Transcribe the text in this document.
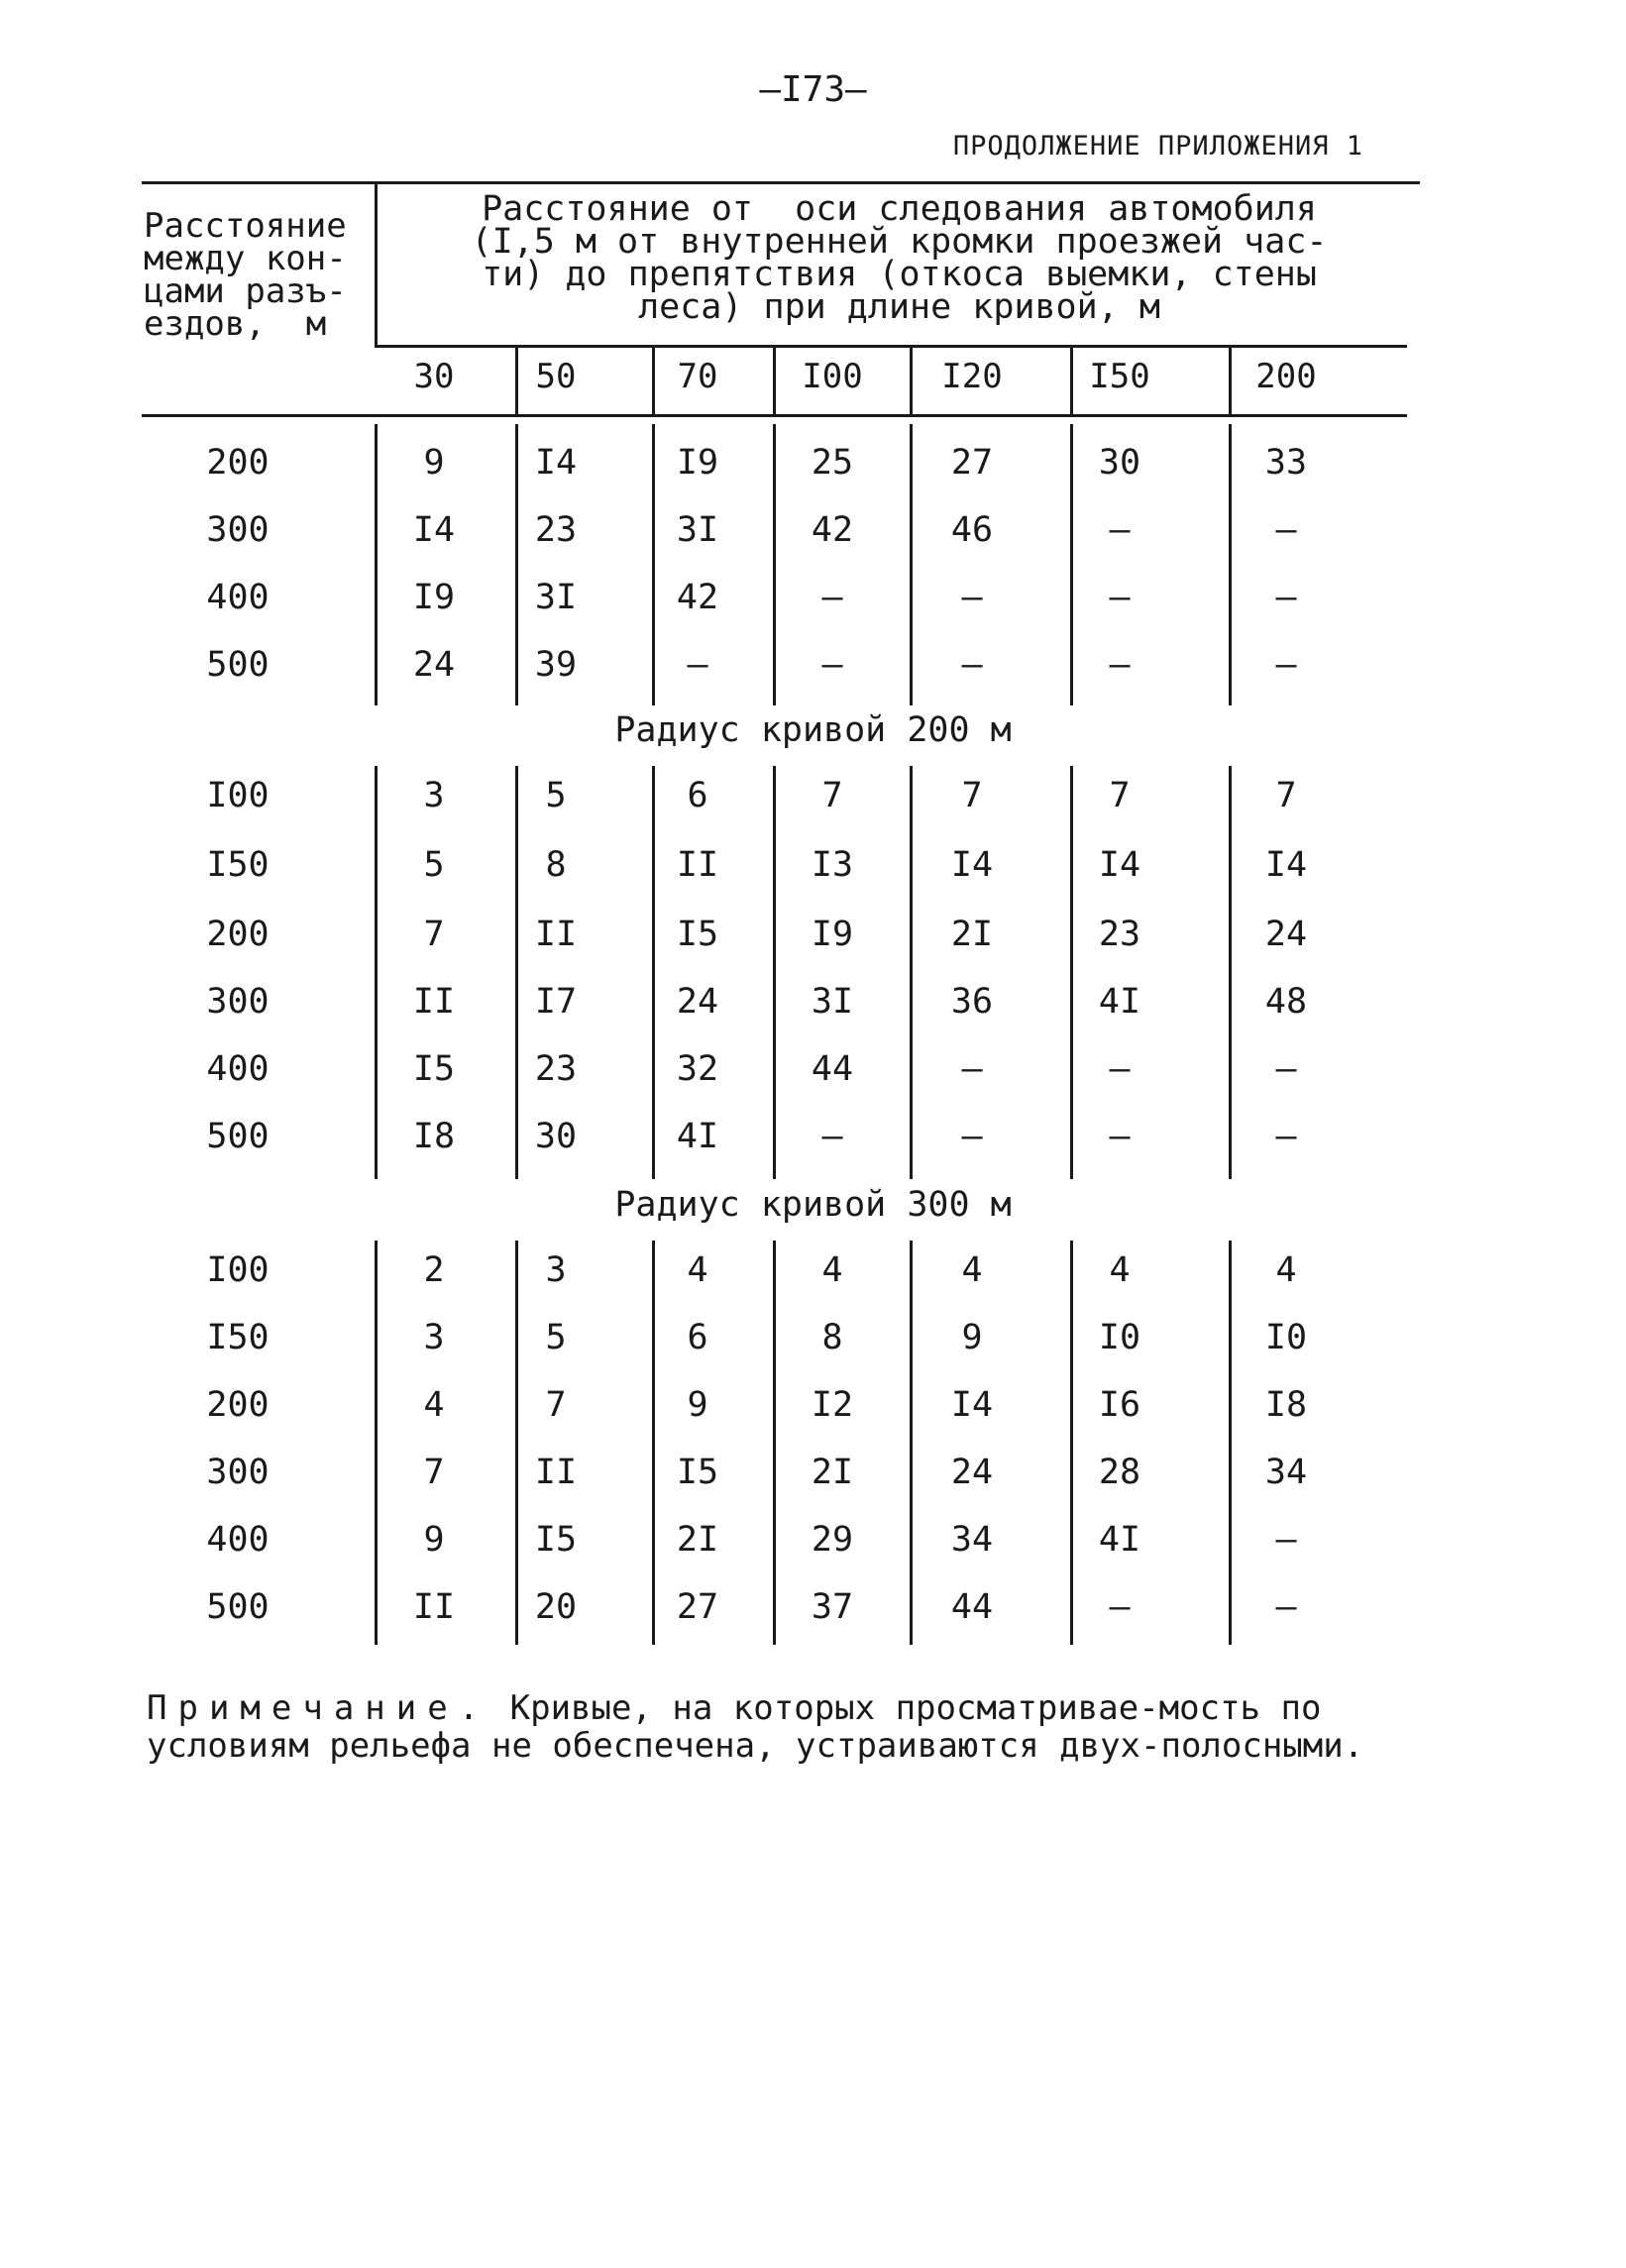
—I73—
ПРОДОЛЖЕНИЕ ПРИЛОЖЕНИЯ 1
Расстояние
между кон-
цами разъ-
ездов,  м
Расстояние от  оси следования автомобиля
(I,5 м от внутренней кромки проезжей час-
ти) до препятствия (откоса выемки, стены
леса) при длине кривой, м
30	50	70	I00	I20	I50	200
200	9	I4	I9	25	27	30	33
300	I4	23	3I	42	46	–	–
400	I9	3I	42	–	–	–	–
500	24	39	–	–	–	–	–
Радиус кривой 200 м
I00	3	5	6	7	7	7	7
I50	5	8	II	I3	I4	I4	I4
200	7	II	I5	I9	2I	23	24
300	II	I7	24	3I	36	4I	48
400	I5	23	32	44	–	–	–
500	I8	30	4I	–	–	–	–
Радиус кривой 300 м
I00	2	3	4	4	4	4	4
I50	3	5	6	8	9	I0	I0
200	4	7	9	I2	I4	I6	I8
300	7	II	I5	2I	24	28	34
400	9	I5	2I	29	34	4I	–
500	II	20	27	37	44	–	–
Примечание. Кривые, на которых просматривае-мость по условиям рельефа не обеспечена, устраиваются двух-полосными.
